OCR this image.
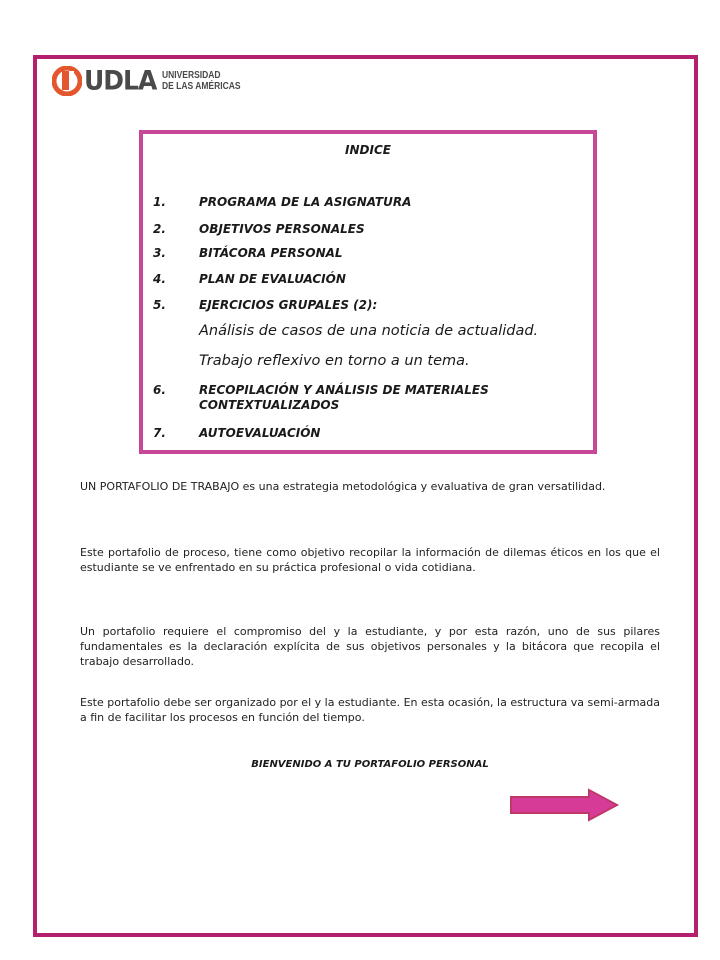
UDLA UNIVERSIDAD
DE LAS AMÉRICAS
INDICE
1.	PROGRAMA DE LA ASIGNATURA
2.	OBJETIVOS PERSONALES
3.	BITÁCORA PERSONAL
4.	PLAN DE EVALUACIÓN
5.	EJERCICIOS GRUPALES (2):
Análisis de casos de una noticia de actualidad.
Trabajo reflexivo en torno a un tema.
6.	RECOPILACIÓN Y ANÁLISIS DE MATERIALES CONTEXTUALIZADOS
7.	AUTOEVALUACIÓN

UN PORTAFOLIO DE TRABAJO es una estrategia metodológica y evaluativa de gran versatilidad.

Este portafolio de proceso, tiene como objetivo recopilar la información de dilemas éticos en los que el estudiante se ve enfrentado en su práctica profesional o vida cotidiana.

Un portafolio requiere el compromiso del y la estudiante, y por esta razón, uno de sus pilares fundamentales es la declaración explícita de sus objetivos personales y la bitácora que recopila el trabajo desarrollado.

Este portafolio debe ser organizado por el y la estudiante. En esta ocasión, la estructura va semi-armada a fin de facilitar los procesos en función del tiempo.

BIENVENIDO A TU PORTAFOLIO PERSONAL
